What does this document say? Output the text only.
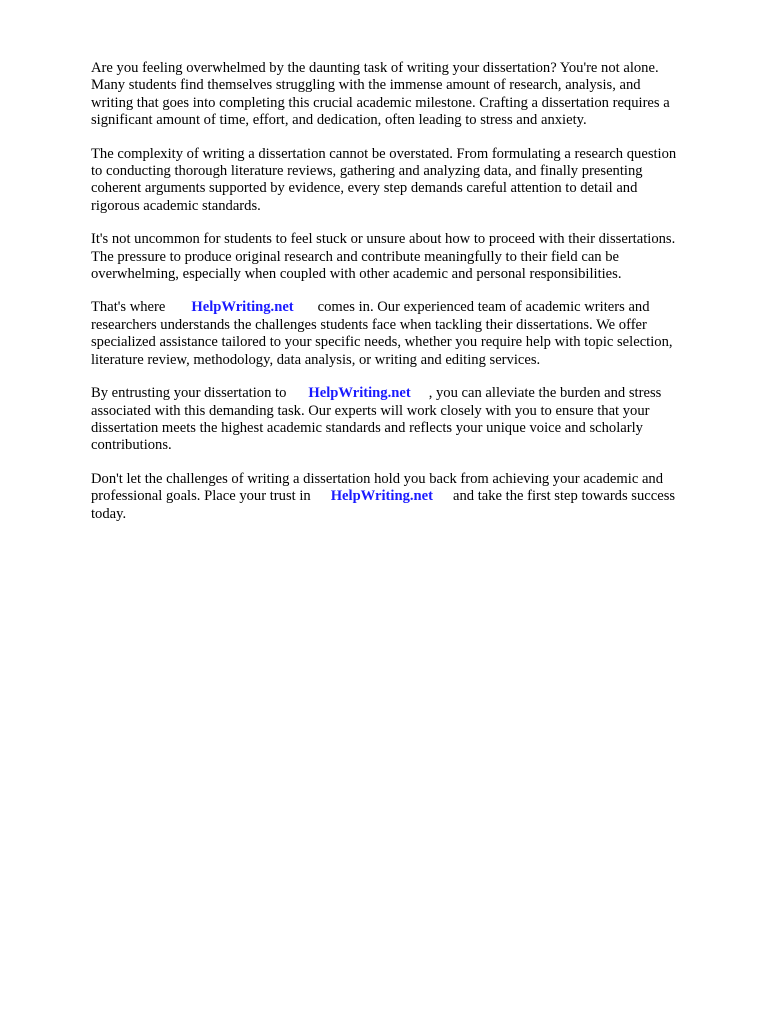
Are you feeling overwhelmed by the daunting task of writing your dissertation? You're not alone.
Many students find themselves struggling with the immense amount of research, analysis, and
writing that goes into completing this crucial academic milestone. Crafting a dissertation requires a
significant amount of time, effort, and dedication, often leading to stress and anxiety.

The complexity of writing a dissertation cannot be overstated. From formulating a research question
to conducting thorough literature reviews, gathering and analyzing data, and finally presenting
coherent arguments supported by evidence, every step demands careful attention to detail and
rigorous academic standards.

It's not uncommon for students to feel stuck or unsure about how to proceed with their dissertations.
The pressure to produce original research and contribute meaningfully to their field can be
overwhelming, especially when coupled with other academic and personal responsibilities.

That's where HelpWriting.net comes in. Our experienced team of academic writers and
researchers understands the challenges students face when tackling their dissertations. We offer
specialized assistance tailored to your specific needs, whether you require help with topic selection,
literature review, methodology, data analysis, or writing and editing services.

By entrusting your dissertation to HelpWriting.net , you can alleviate the burden and stress
associated with this demanding task. Our experts will work closely with you to ensure that your
dissertation meets the highest academic standards and reflects your unique voice and scholarly
contributions.

Don't let the challenges of writing a dissertation hold you back from achieving your academic and
professional goals. Place your trust in HelpWriting.net and take the first step towards success
today.
